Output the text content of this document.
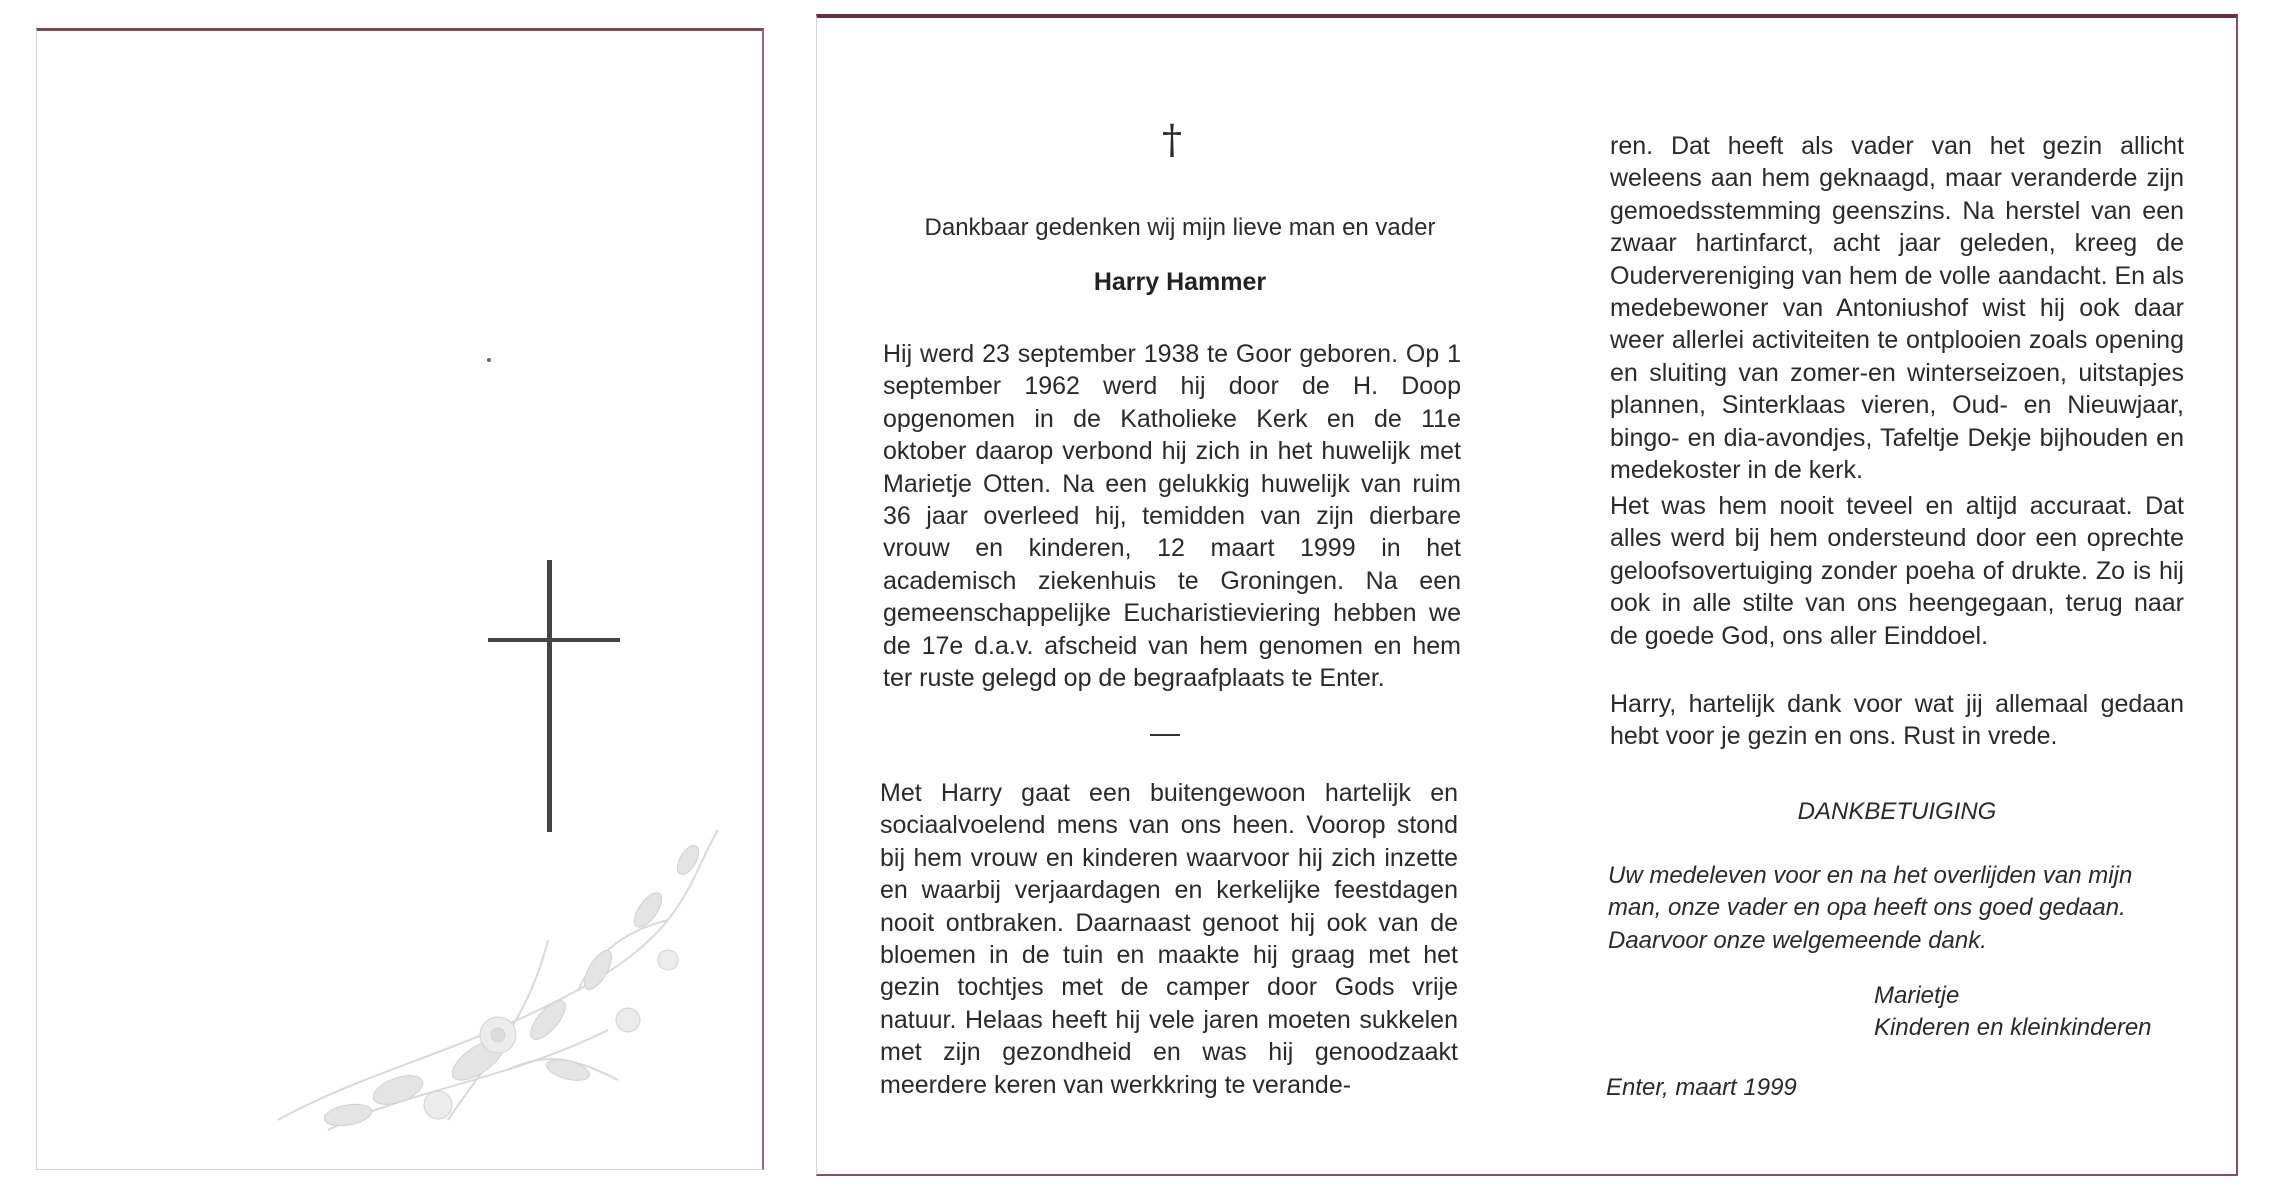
†
Dankbaar gedenken wij mijn lieve man en vader
Harry Hammer
Hij werd 23 september 1938 te Goor geboren. Op 1 september 1962 werd hij door de H. Doop opgenomen in de Katholieke Kerk en de 11e oktober daarop verbond hij zich in het huwelijk met Marietje Otten. Na een gelukkig huwelijk van ruim 36 jaar overleed hij, temidden van zijn dierbare vrouw en kinderen, 12 maart 1999 in het academisch ziekenhuis te Groningen. Na een gemeenschappelijke Eucharistieviering hebben we de 17e d.a.v. afscheid van hem genomen en hem ter ruste gelegd op de begraafplaats te Enter.
Met Harry gaat een buitengewoon hartelijk en sociaalvoelend mens van ons heen. Voorop stond bij hem vrouw en kinderen waarvoor hij zich inzette en waarbij verjaardagen en kerkelijke feestdagen nooit ontbraken. Daarnaast genoot hij ook van de bloemen in de tuin en maakte hij graag met het gezin tochtjes met de camper door Gods vrije natuur. Helaas heeft hij vele jaren moeten sukkelen met zijn gezondheid en was hij genoodzaakt meerdere keren van werkkring te verande-
ren. Dat heeft als vader van het gezin allicht weleens aan hem geknaagd, maar veranderde zijn gemoedsstemming geenszins. Na herstel van een zwaar hartinfarct, acht jaar geleden, kreeg de Oudervereniging van hem de volle aandacht. En als medebewoner van Antoniushof wist hij ook daar weer allerlei activiteiten te ontplooien zoals opening en sluiting van zomer-en winterseizoen, uitstapjes plannen, Sinterklaas vieren, Oud- en Nieuwjaar, bingo- en dia-avondjes, Tafeltje Dekje bijhouden en medekoster in de kerk.
Het was hem nooit teveel en altijd accuraat. Dat alles werd bij hem ondersteund door een oprechte geloofsovertuiging zonder poeha of drukte. Zo is hij ook in alle stilte van ons heengegaan, terug naar de goede God, ons aller Einddoel.
Harry, hartelijk dank voor wat jij allemaal gedaan hebt voor je gezin en ons. Rust in vrede.
DANKBETUIGING
Uw medeleven voor en na het overlijden van mijn man, onze vader en opa heeft ons goed gedaan.
Daarvoor onze welgemeende dank.
Marietje
Kinderen en kleinkinderen
Enter, maart 1999
